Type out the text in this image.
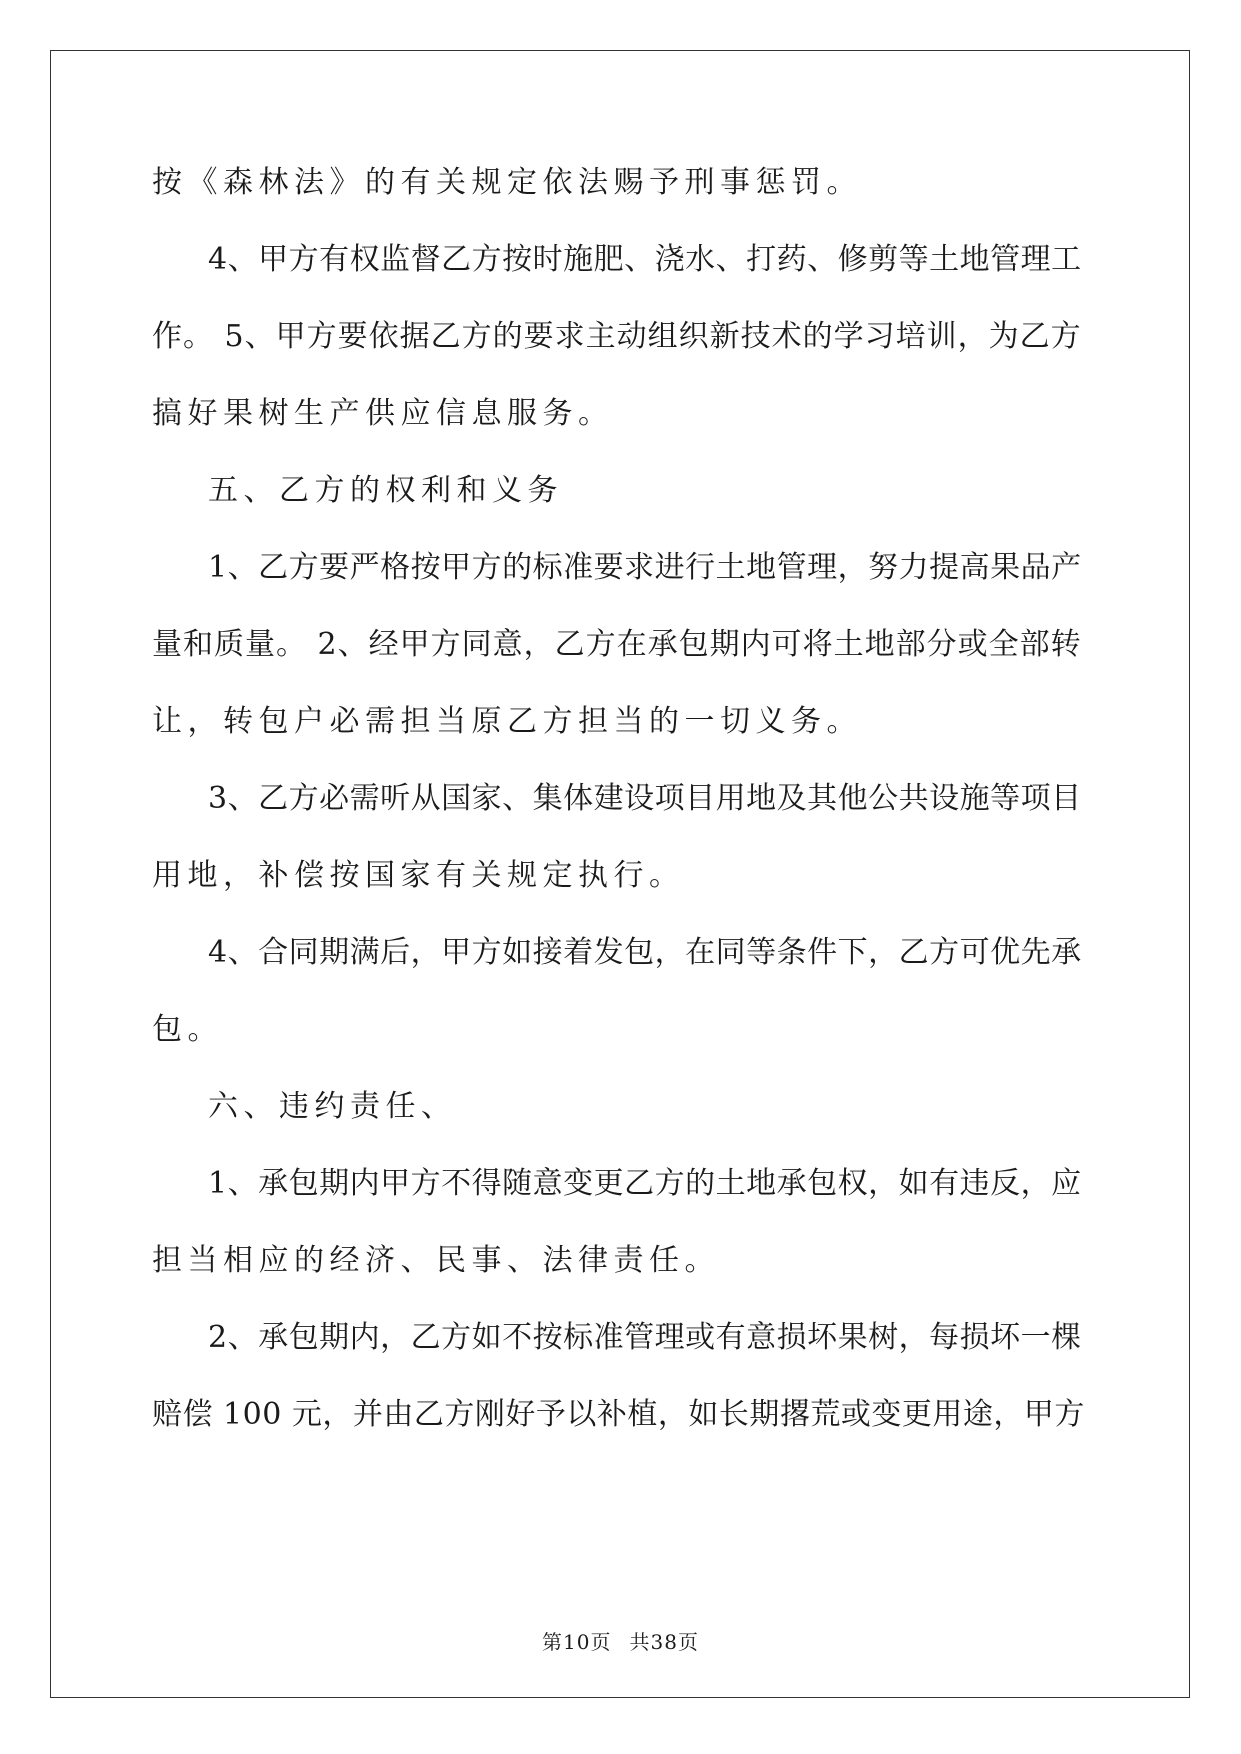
按《森林法》的有关规定依法赐予刑事惩罚。
4、甲方有权监督乙方按时施肥、浇水、打药、修剪等土地管理工
作。 5、甲方要依据乙方的要求主动组织新技术的学习培训，为乙方
搞好果树生产供应信息服务。
五、乙方的权利和义务
1、乙方要严格按甲方的标准要求进行土地管理，努力提高果品产
量和质量。 2、经甲方同意，乙方在承包期内可将土地部分或全部转
让，转包户必需担当原乙方担当的一切义务。
3、乙方必需听从国家、集体建设项目用地及其他公共设施等项目
用地，补偿按国家有关规定执行。
4、合同期满后，甲方如接着发包，在同等条件下，乙方可优先承
包。
六、违约责任、
1、承包期内甲方不得随意变更乙方的土地承包权，如有违反，应
担当相应的经济、民事、法律责任。
2、承包期内，乙方如不按标准管理或有意损坏果树，每损坏一棵
赔偿 100 元，并由乙方刚好予以补植，如长期撂荒或变更用途，甲方
第10页 共38页
